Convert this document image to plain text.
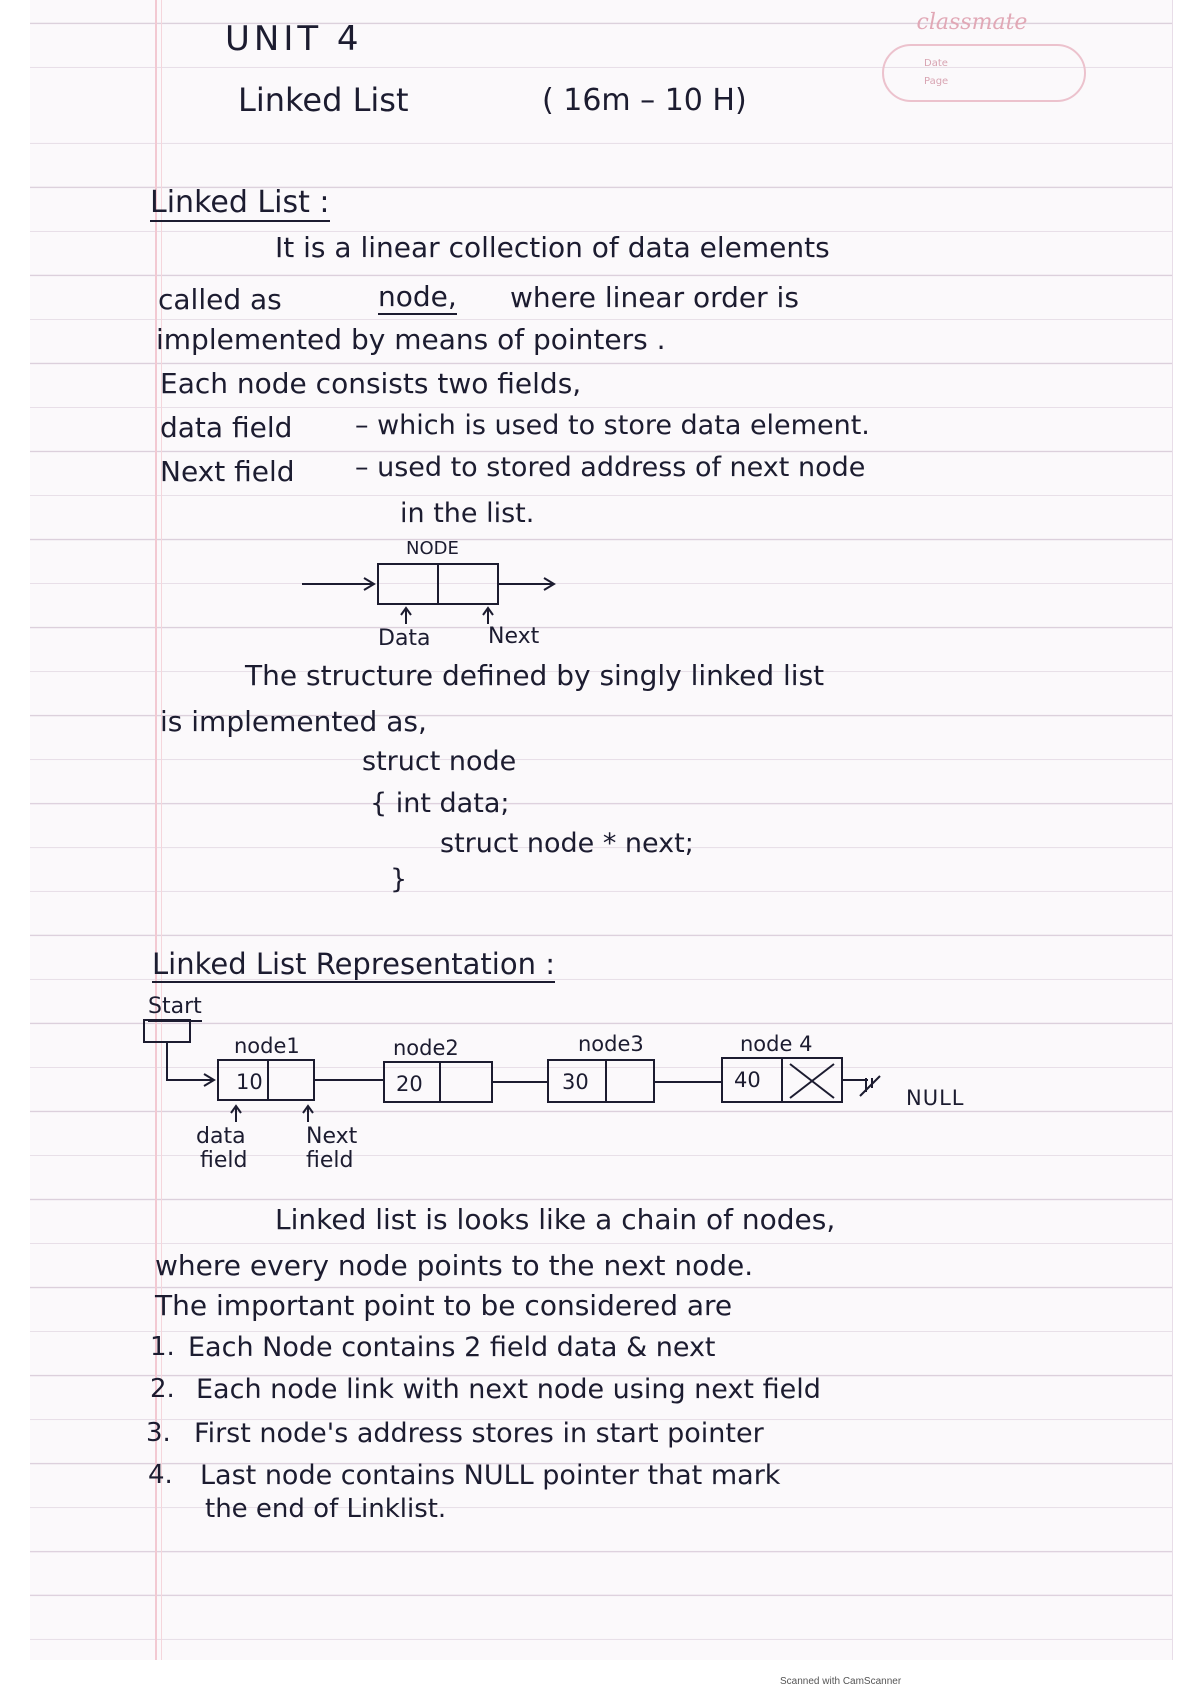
classmate
Date
Page
UNIT 4
Linked List	( 16m – 10 H)
Linked List :
It is a linear collection of data elements
called as	node, where linear order is
implemented by means of pointers .
Each node consists two fields,
data field – which is used to store data element.
Next field – used to stored address of next node
in the list.
NODE
Data	Next
The structure defined by singly linked list
is implemented as,
struct node
{ int data;
struct node * next;
}
Linked List Representation :
Start
node1	node2	node3	node 4
10	20	30	40
NULL
data
field
Next
field
Linked list is looks like a chain of nodes,
where every node points to the next node.
The important point to be considered are
1. Each Node contains 2 field data & next
2. Each node link with next node using next field
3. First node's address stores in start pointer
4. Last node contains NULL pointer that mark
the end of Linklist.
Scanned with CamScanner
